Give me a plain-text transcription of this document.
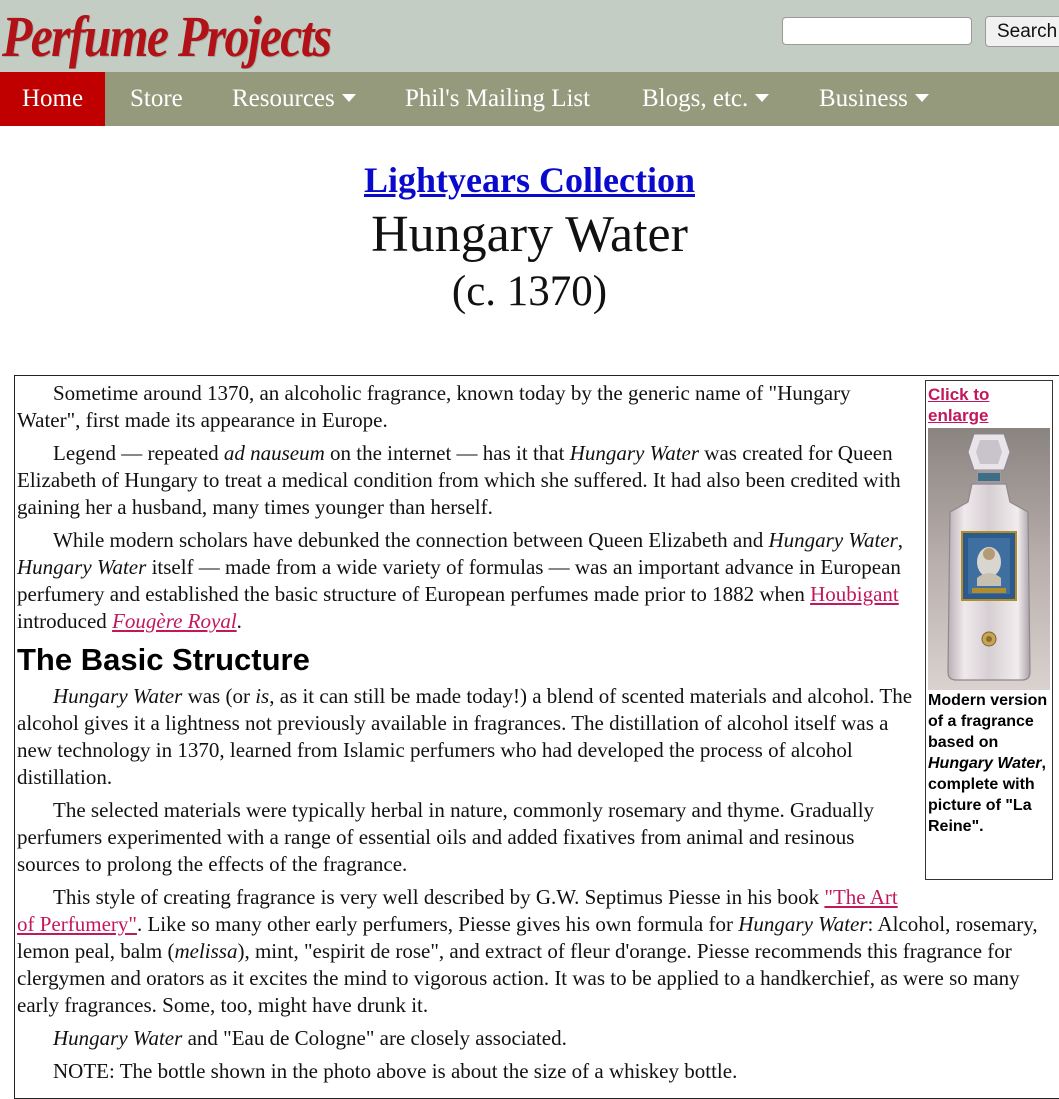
Perfume Projects	Search
Home	Store Resources	Phil's Mailing List Blogs, etc.	Business
Lightyears Collection
Hungary Water
(c. 1370)
Click to enlarge
Modern version of a fragrance based on Hungary Water, complete with picture of "La Reine".

Sometime around 1370, an alcoholic fragrance, known today by the generic name of "Hungary Water", first made its appearance in Europe.

Legend — repeated ad nauseum on the internet — has it that Hungary Water was created for Queen Elizabeth of Hungary to treat a medical condition from which she suffered. It had also been credited with gaining her a husband, many times younger than herself.

While modern scholars have debunked the connection between Queen Elizabeth and Hungary Water, Hungary Water itself — made from a wide variety of formulas — was an important advance in European perfumery and established the basic structure of European perfumes made prior to 1882 when Houbigant introduced Fougère Royal.

The Basic Structure

Hungary Water was (or is, as it can still be made today!) a blend of scented materials and alcohol. The alcohol gives it a lightness not previously available in fragrances. The distillation of alcohol itself was a new technology in 1370, learned from Islamic perfumers who had developed the process of alcohol distillation.

The selected materials were typically herbal in nature, commonly rosemary and thyme. Gradually perfumers experimented with a range of essential oils and added fixatives from animal and resinous sources to prolong the effects of the fragrance.

This style of creating fragrance is very well described by G.W. Septimus Piesse in his book "The Art of Perfumery". Like so many other early perfumers, Piesse gives his own formula for Hungary Water: Alcohol, rosemary, lemon peal, balm (melissa), mint, "espirit de rose", and extract of fleur d'orange. Piesse recommends this fragrance for clergymen and orators as it excites the mind to vigorous action. It was to be applied to a handkerchief, as were so many early fragrances. Some, too, might have drunk it.

Hungary Water and "Eau de Cologne" are closely associated.

NOTE: The bottle shown in the photo above is about the size of a whiskey bottle.
